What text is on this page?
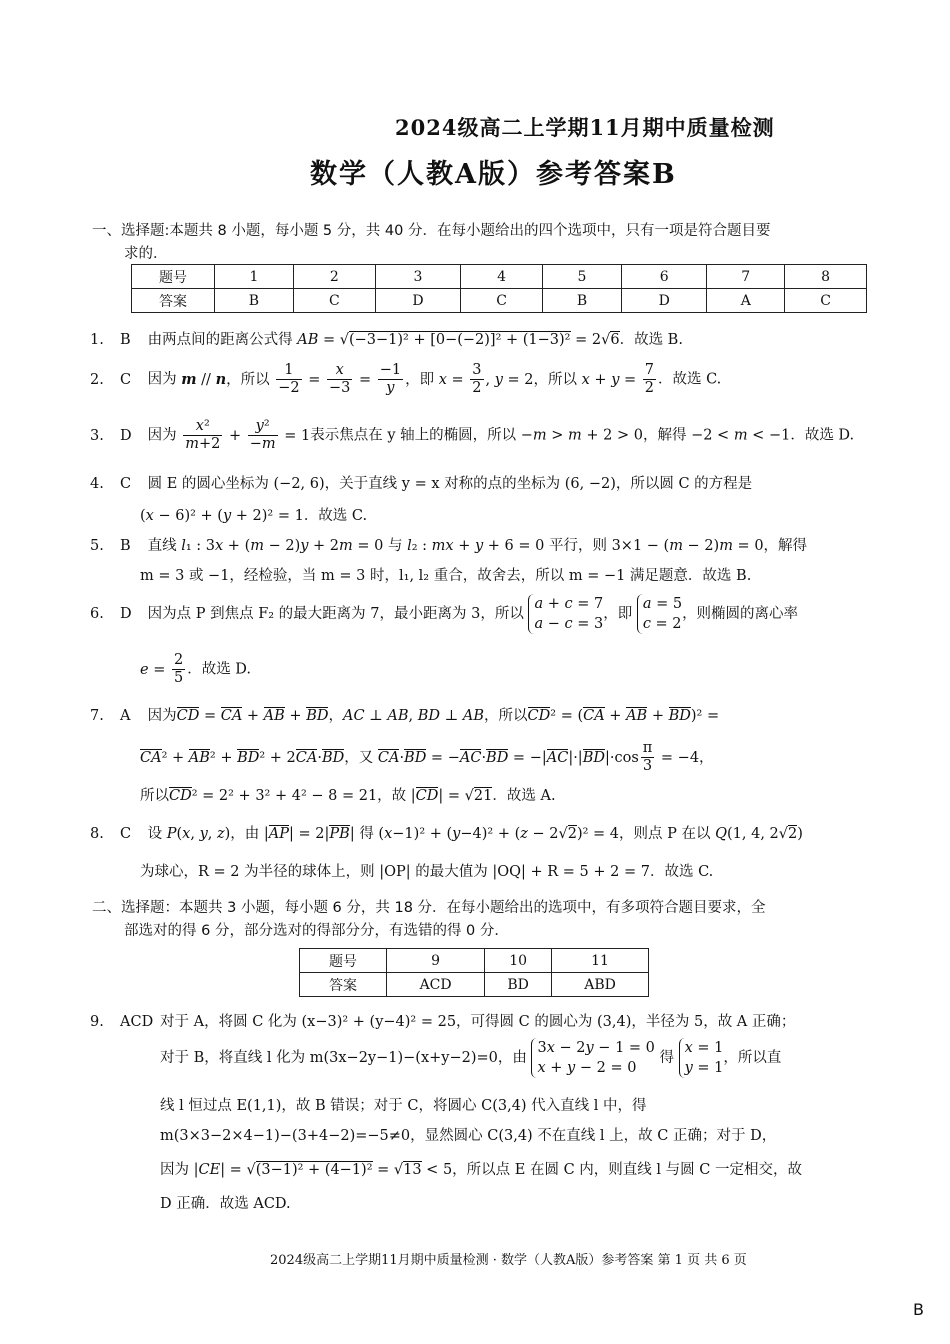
2024级高二上学期11月期中质量检测
数学（人教A版）参考答案B
一、选择题:本题共 8 小题，每小题 5 分，共 40 分．在每小题给出的四个选项中，只有一项是符合题目要
求的．
题号	1	2	3	4	5	6	7	8
答案	B	C	D	C	B	D	A	C
1. B 由两点间的距离公式得 AB = √(−3−1)² + [0−(−2)]² + (1−3)² = 2√6．故选 B.
2. C 因为 m // n，所以 $\frac{1}{-2} = \frac{x}{-3} = \frac{-1}{y}$ ，即 $x = \frac{3}{2}$ , y = 2，所以 $x + y = \frac{7}{2}$ ．故选 C.
3. D 因为 $\frac{\text{x²}}{m+2} + \frac{\text{y²}}{-m} = 1$表示焦点在 y 轴上的椭圆，所以 −m > m + 2 > 0，解得 −2 < m < −1．故选 D.
4. C 圆 E 的圆心坐标为 (−2, 6)，关于直线 y = x 对称的点的坐标为 (6, −2)，所以圆 C 的方程是
(x − 6)² + (y + 2)² = 1．故选 C.
5. B 直线 l₁ : 3x + (m − 2)y + 2m = 0 与 l₂ : mx + y + 6 = 0 平行，则 3×1 − (m − 2)m = 0，解得
m = 3 或 −1，经检验，当 m = 3 时，l₁, l₂ 重合，故舍去，所以 m = −1 满足题意．故选 B.
6. D 因为点 P 到焦点 F₂ 的最大距离为 7，最小距离为 3，所以 a + c = 7
a − c = 3，即 a = 5
c = 2，则椭圆的离心率
$e = \frac{2}{5}$ ．故选 D.
7. A 因为CD = CA + AB + BD，AC ⊥ AB, BD ⊥ AB，所以CD² = (CA + AB + BD)² =
CA² + AB² + BD² + 2CA·BD，又 $CA\cdot BD = -AC\cdot BD = -|AC|\cdot|BD|\cdot\cos \frac{\pi}{3} = -4$，
所以CD² = 2² + 3² + 4² − 8 = 21，故 |CD| = √21．故选 A.
8. C 设 P(x, y, z)，由 |AP| = 2|PB| 得 (x−1)² + (y−4)² + (z − 2√2)² = 4，则点 P 在以 Q(1, 4, 2√2)
为球心，R = 2 为半径的球体上，则 |OP| 的最大值为 |OQ| + R = 5 + 2 = 7．故选 C.
二、选择题：本题共 3 小题，每小题 6 分，共 18 分．在每小题给出的选项中，有多项符合题目要求，全
部选对的得 6 分，部分选对的得部分分，有选错的得 0 分．
题号	9	10	11
答案	ACD	BD	ABD
9. ACD 对于 A，将圆 C 化为 (x−3)² + (y−4)² = 25，可得圆 C 的圆心为 (3,4)，半径为 5，故 A 正确；
对于 B，将直线 l 化为 m(3x−2y−1)−(x+y−2)=0，由 3x − 2y − 1 = 0
x + y − 2 = 0 得 x = 1
y = 1，所以直
线 l 恒过点 E(1,1)，故 B 错误；对于 C，将圆心 C(3,4) 代入直线 l 中，得
m(3×3−2×4−1)−(3+4−2)=−5≠0，显然圆心 C(3,4) 不在直线 l 上，故 C 正确；对于 D，
因为 |CE| = √(3−1)² + (4−1)² = √13 < 5，所以点 E 在圆 C 内，则直线 l 与圆 C 一定相交，故
D 正确．故选 ACD.
2024级高二上学期11月期中质量检测 · 数学（人教A版）参考答案 第 1 页 共 6 页
B
